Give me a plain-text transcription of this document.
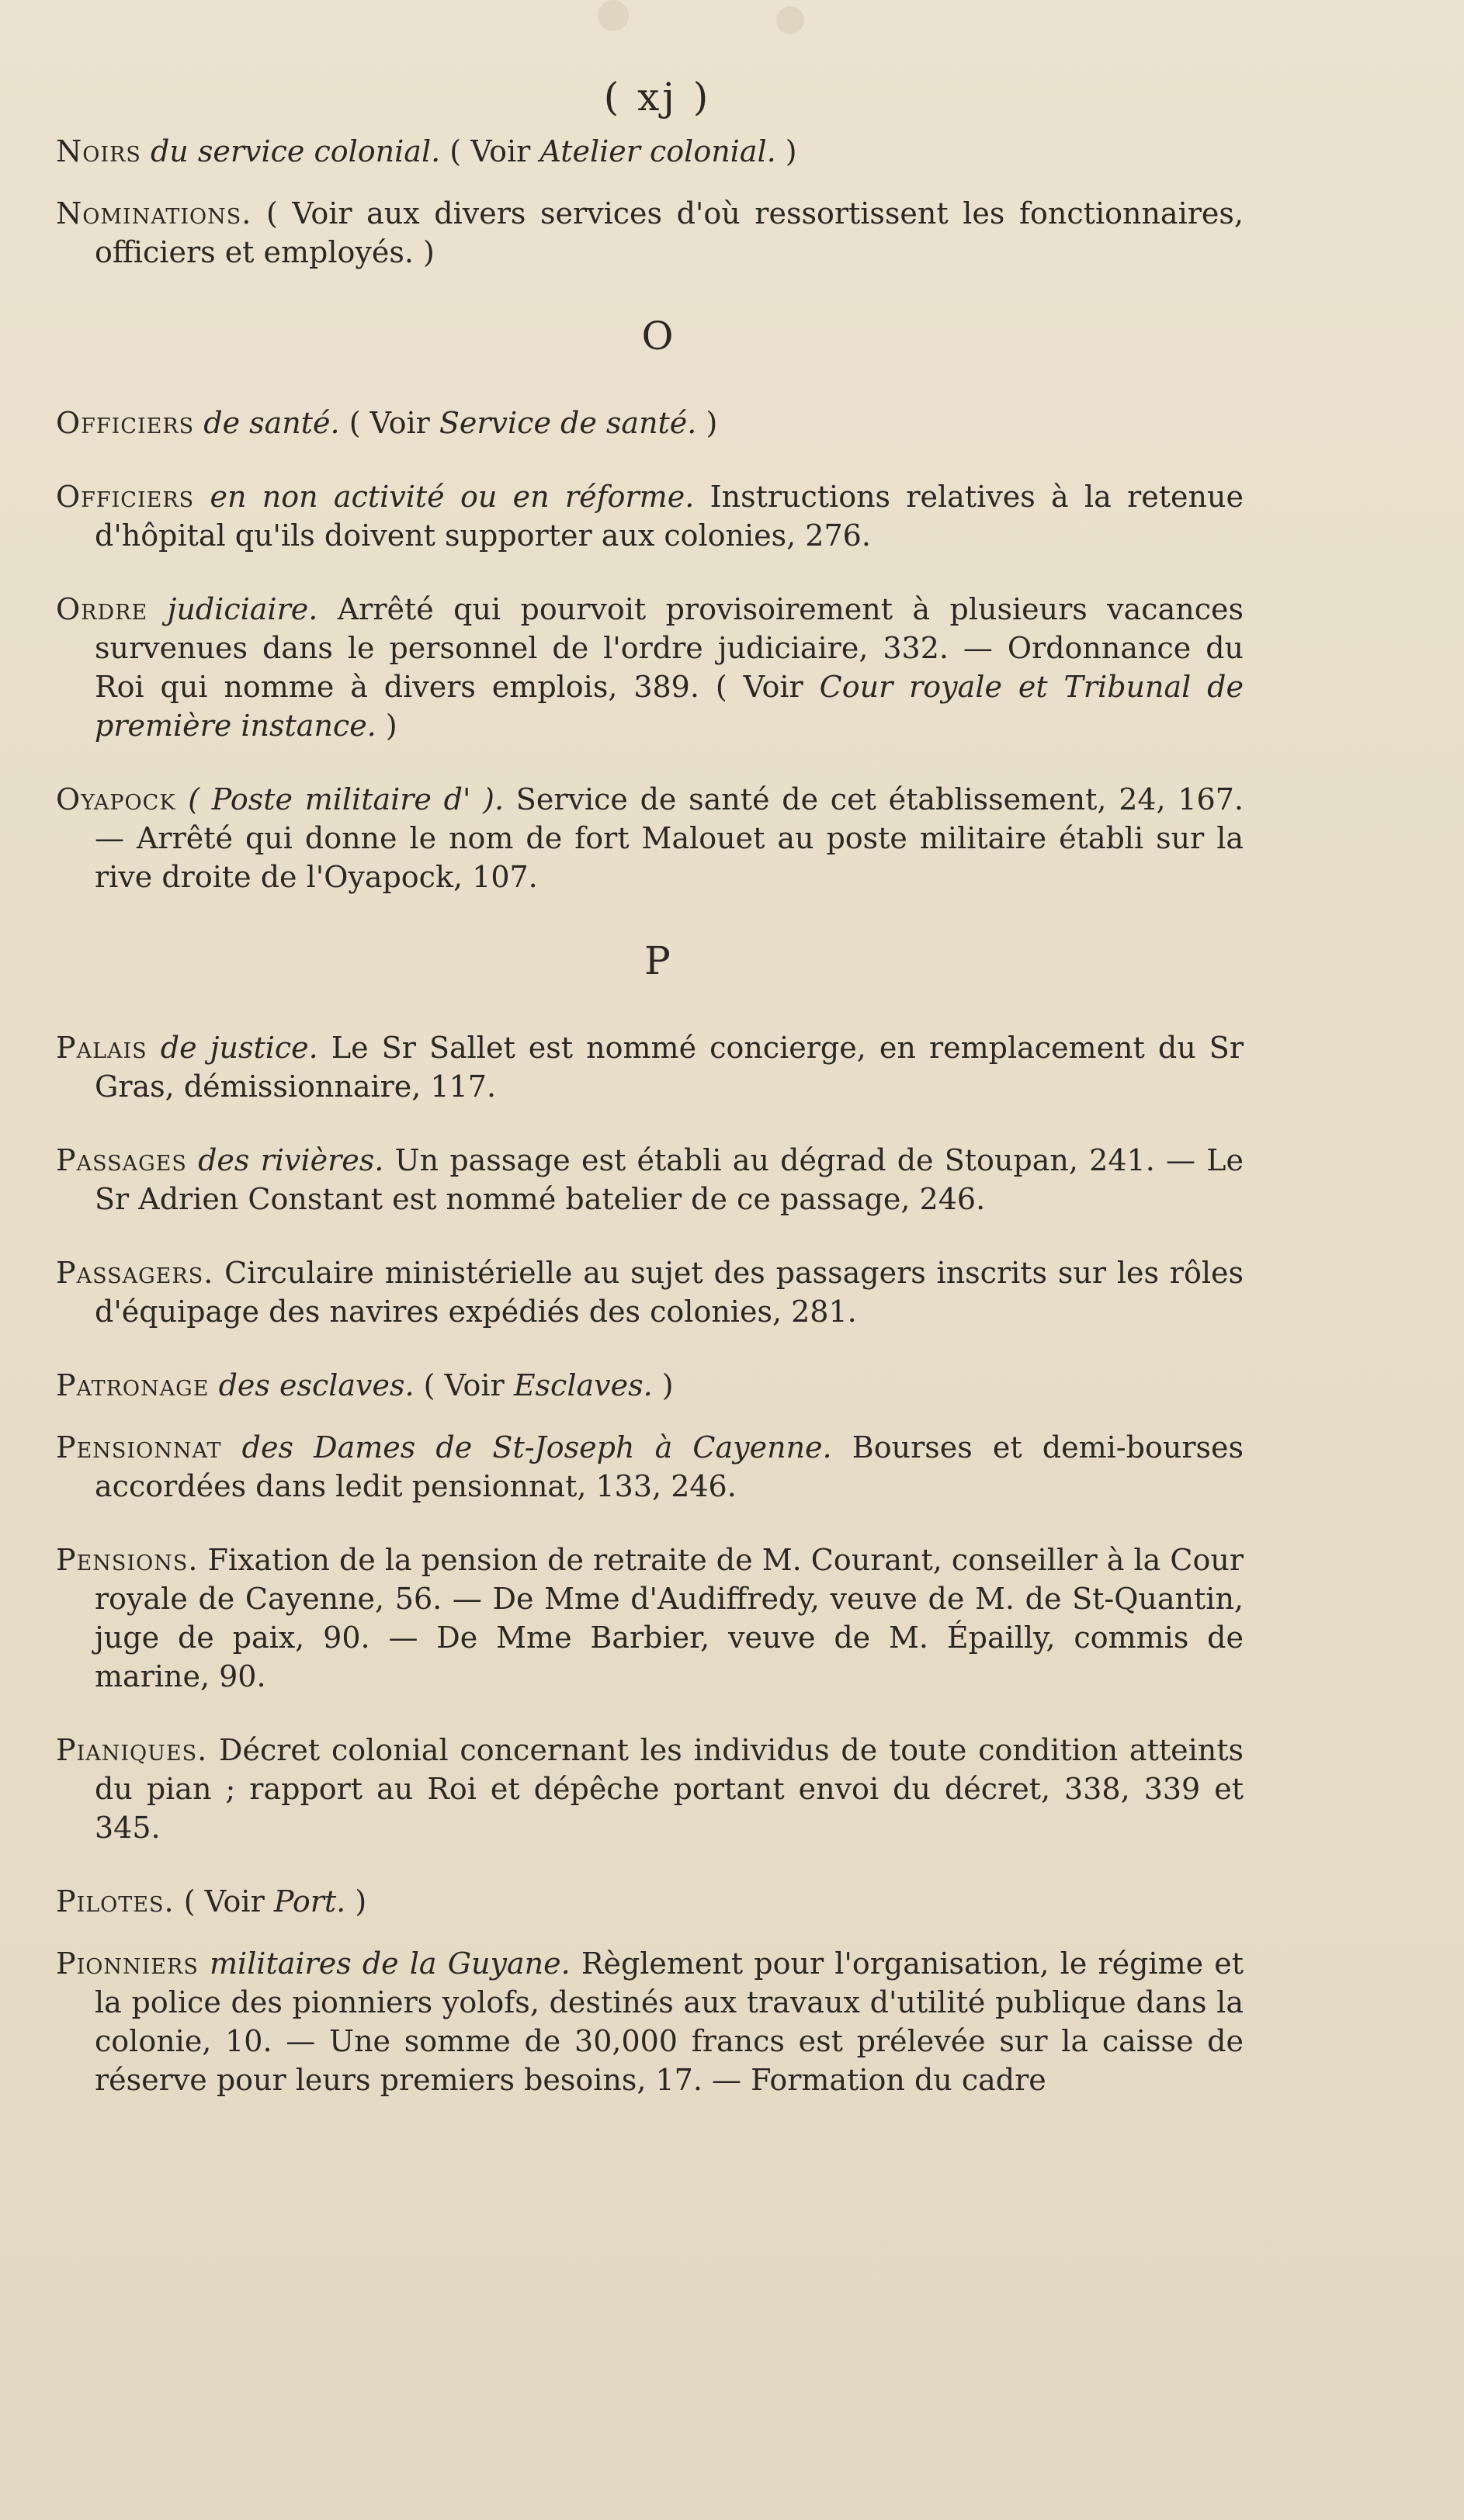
( xj )

Noirs du service colonial. ( Voir Atelier colonial. )

Nominations. ( Voir aux divers services d'où ressortissent les fonctionnaires, officiers et employés. )

O

Officiers de santé. ( Voir Service de santé. )

Officiers en non activité ou en réforme. Instructions relatives à la retenue d'hôpital qu'ils doivent supporter aux colonies, 276.

Ordre judiciaire. Arrêté qui pourvoit provisoirement à plusieurs vacances survenues dans le personnel de l'ordre judiciaire, 332. — Ordonnance du Roi qui nomme à divers emplois, 389. ( Voir Cour royale et Tribunal de première instance. )

Oyapock ( Poste militaire d' ). Service de santé de cet établissement, 24, 167. — Arrêté qui donne le nom de fort Malouet au poste militaire établi sur la rive droite de l'Oyapock, 107.

P

Palais de justice. Le Sr Sallet est nommé concierge, en remplacement du Sr Gras, démissionnaire, 117.

Passages des rivières. Un passage est établi au dégrad de Stoupan, 241. — Le Sr Adrien Constant est nommé batelier de ce passage, 246.

Passagers. Circulaire ministérielle au sujet des passagers inscrits sur les rôles d'équipage des navires expédiés des colonies, 281.

Patronage des esclaves. ( Voir Esclaves. )

Pensionnat des Dames de St-Joseph à Cayenne. Bourses et demi-bourses accordées dans ledit pensionnat, 133, 246.

Pensions. Fixation de la pension de retraite de M. Courant, conseiller à la Cour royale de Cayenne, 56. — De Mme d'Audiffredy, veuve de M. de St-Quantin, juge de paix, 90. — De Mme Barbier, veuve de M. Épailly, commis de marine, 90.

Pianiques. Décret colonial concernant les individus de toute condition atteints du pian ; rapport au Roi et dépêche portant envoi du décret, 338, 339 et 345.

Pilotes. ( Voir Port. )

Pionniers militaires de la Guyane. Règlement pour l'organisation, le régime et la police des pionniers yolofs, destinés aux travaux d'utilité publique dans la colonie, 10. — Une somme de 30,000 francs est prélevée sur la caisse de réserve pour leurs premiers besoins, 17. — Formation du cadre
